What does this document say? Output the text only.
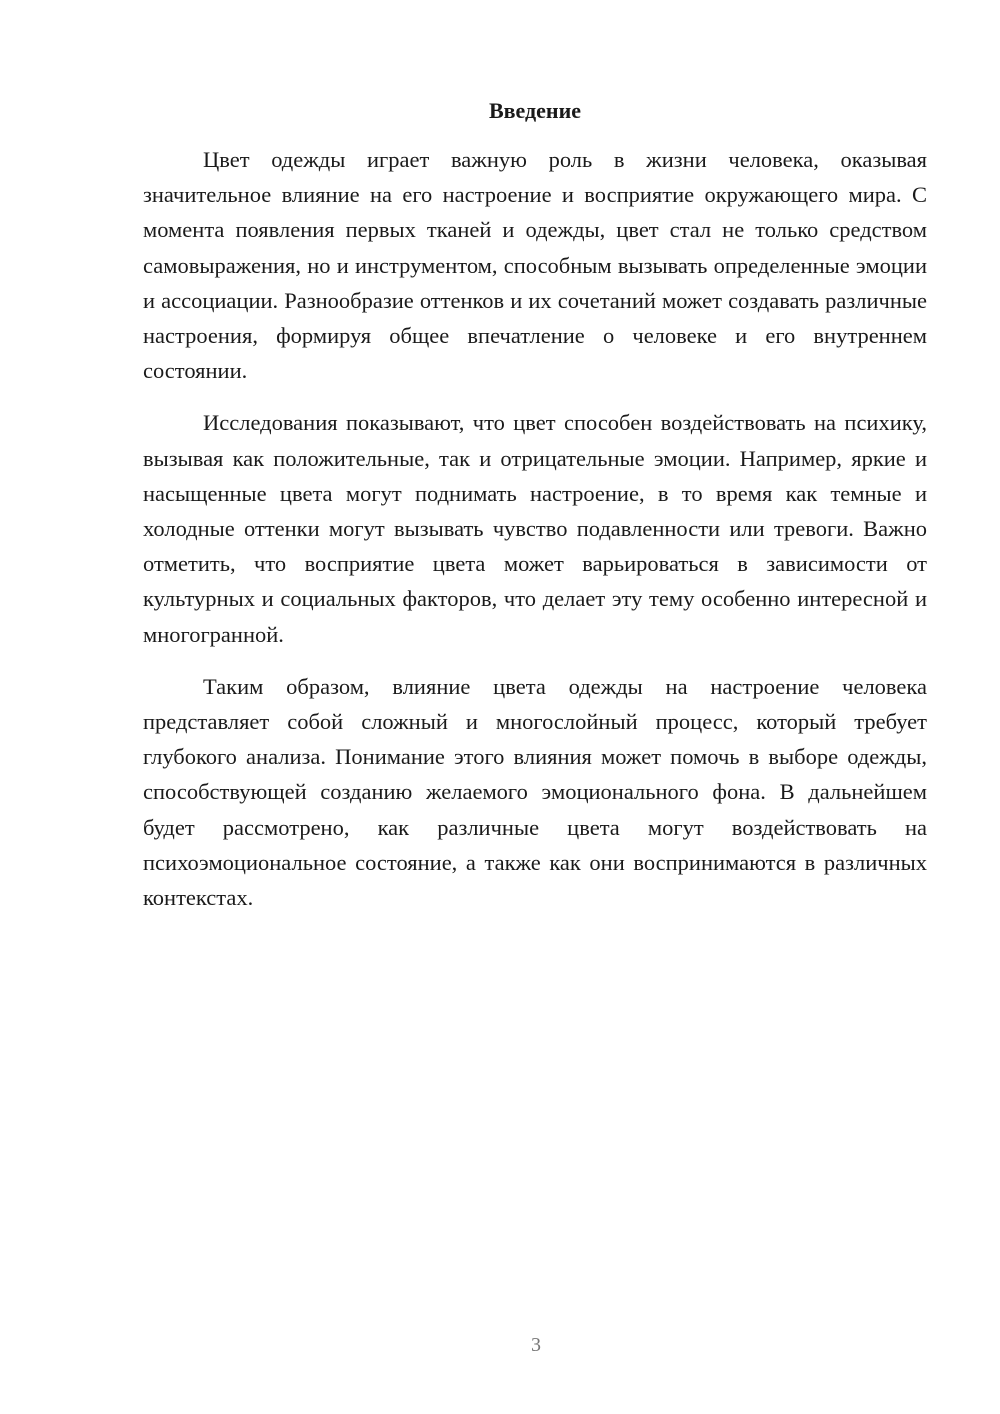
Введение

Цвет одежды играет важную роль в жизни человека, оказывая значительное влияние на его настроение и восприятие окружающего мира. С момента появления первых тканей и одежды, цвет стал не только средством самовыражения, но и инструментом, способным вызывать определенные эмоции и ассоциации. Разнообразие оттенков и их сочетаний может создавать различные настроения, формируя общее впечатление о человеке и его внутреннем состоянии.

Исследования показывают, что цвет способен воздействовать на психику, вызывая как положительные, так и отрицательные эмоции. Например, яркие и насыщенные цвета могут поднимать настроение, в то время как темные и холодные оттенки могут вызывать чувство подавленности или тревоги. Важно отметить, что восприятие цвета может варьироваться в зависимости от культурных и социальных факторов, что делает эту тему особенно интересной и многогранной.

Таким образом, влияние цвета одежды на настроение человека представляет собой сложный и многослойный процесс, который требует глубокого анализа. Понимание этого влияния может помочь в выборе одежды, способствующей созданию желаемого эмоционального фона. В дальнейшем будет рассмотрено, как различные цвета могут воздействовать на психоэмоциональное состояние, а также как они воспринимаются в различных контекстах.

3
